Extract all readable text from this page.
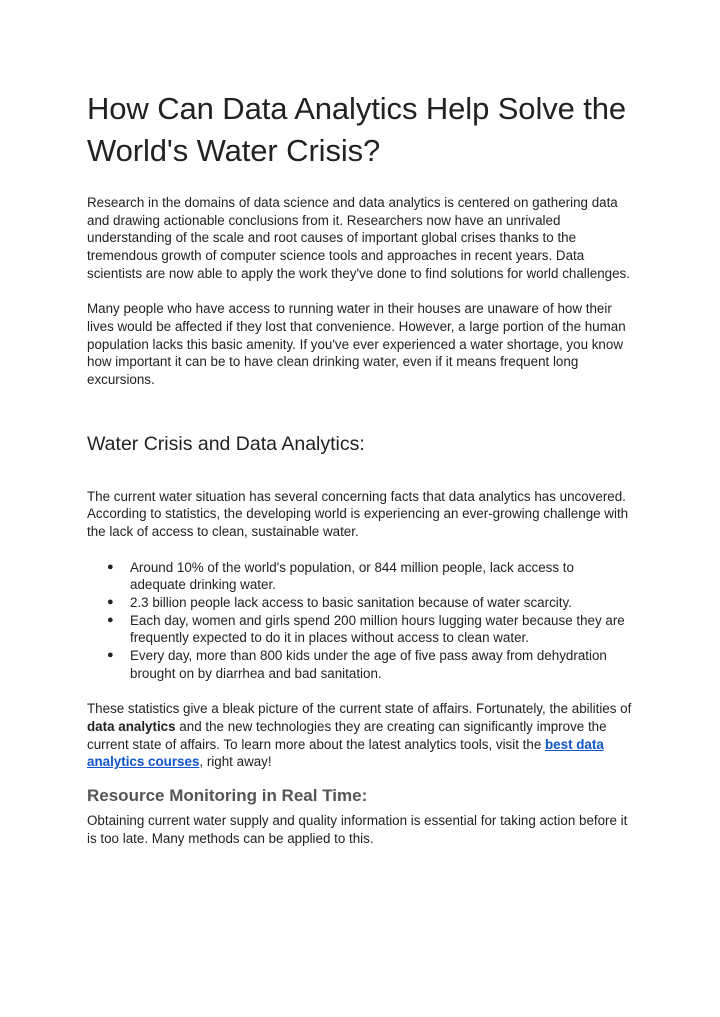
How Can Data Analytics Help Solve the World's Water Crisis?

Research in the domains of data science and data analytics is centered on gathering data and drawing actionable conclusions from it. Researchers now have an unrivaled understanding of the scale and root causes of important global crises thanks to the tremendous growth of computer science tools and approaches in recent years. Data scientists are now able to apply the work they've done to find solutions for world challenges.

Many people who have access to running water in their houses are unaware of how their lives would be affected if they lost that convenience. However, a large portion of the human population lacks this basic amenity. If you've ever experienced a water shortage, you know how important it can be to have clean drinking water, even if it means frequent long excursions.

Water Crisis and Data Analytics:

The current water situation has several concerning facts that data analytics has uncovered. According to statistics, the developing world is experiencing an ever-growing challenge with the lack of access to clean, sustainable water.

● Around 10% of the world's population, or 844 million people, lack access to adequate drinking water.
● 2.3 billion people lack access to basic sanitation because of water scarcity.
● Each day, women and girls spend 200 million hours lugging water because they are frequently expected to do it in places without access to clean water.
● Every day, more than 800 kids under the age of five pass away from dehydration brought on by diarrhea and bad sanitation.

These statistics give a bleak picture of the current state of affairs. Fortunately, the abilities of data analytics and the new technologies they are creating can significantly improve the current state of affairs. To learn more about the latest analytics tools, visit the best data analytics courses, right away!

Resource Monitoring in Real Time:

Obtaining current water supply and quality information is essential for taking action before it is too late. Many methods can be applied to this.
